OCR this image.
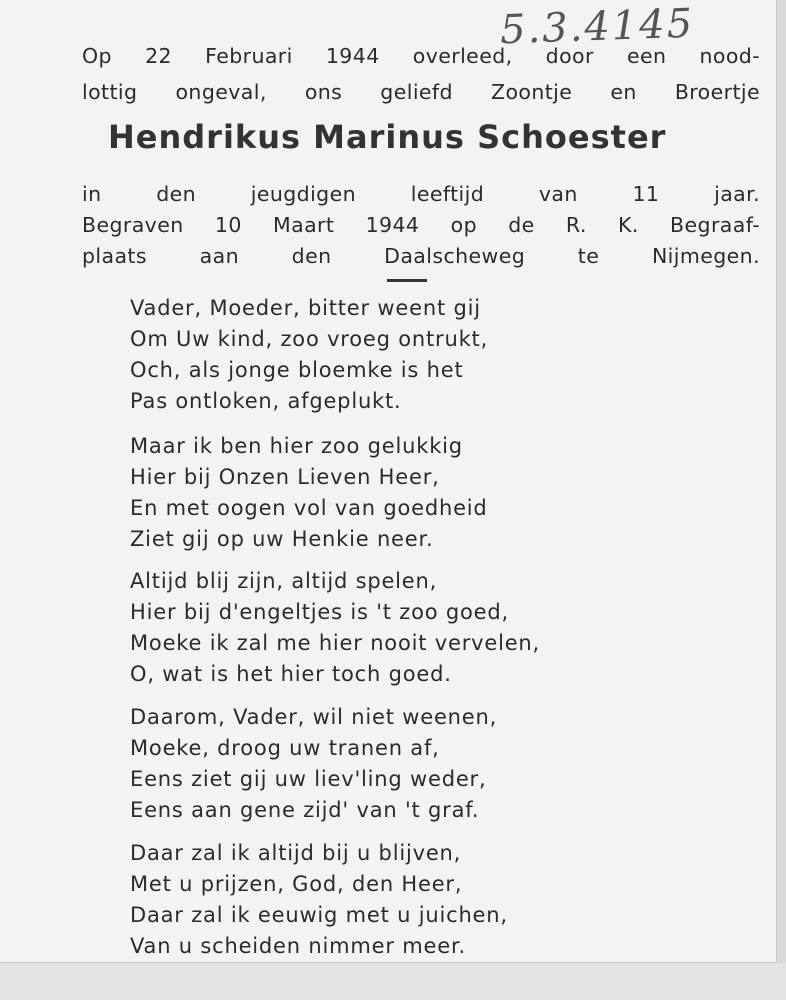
5.3.4145
Op 22 Februari 1944 overleed, door een nood-
lottig ongeval, ons geliefd Zoontje en Broertje
Hendrikus Marinus Schoester
in den jeugdigen leeftijd van 11 jaar.
Begraven 10 Maart 1944 op de R. K. Begraaf-
plaats aan den Daalscheweg te Nijmegen.
Vader, Moeder, bitter weent gij
Om Uw kind, zoo vroeg ontrukt,
Och, als jonge bloemke is het
Pas ontloken, afgeplukt.
Maar ik ben hier zoo gelukkig
Hier bij Onzen Lieven Heer,
En met oogen vol van goedheid
Ziet gij op uw Henkie neer.
Altijd blij zijn, altijd spelen,
Hier bij d'engeltjes is 't zoo goed,
Moeke ik zal me hier nooit vervelen,
O, wat is het hier toch goed.
Daarom, Vader, wil niet weenen,
Moeke, droog uw tranen af,
Eens ziet gij uw liev'ling weder,
Eens aan gene zijd' van 't graf.
Daar zal ik altijd bij u blijven,
Met u prijzen, God, den Heer,
Daar zal ik eeuwig met u juichen,
Van u scheiden nimmer meer.
